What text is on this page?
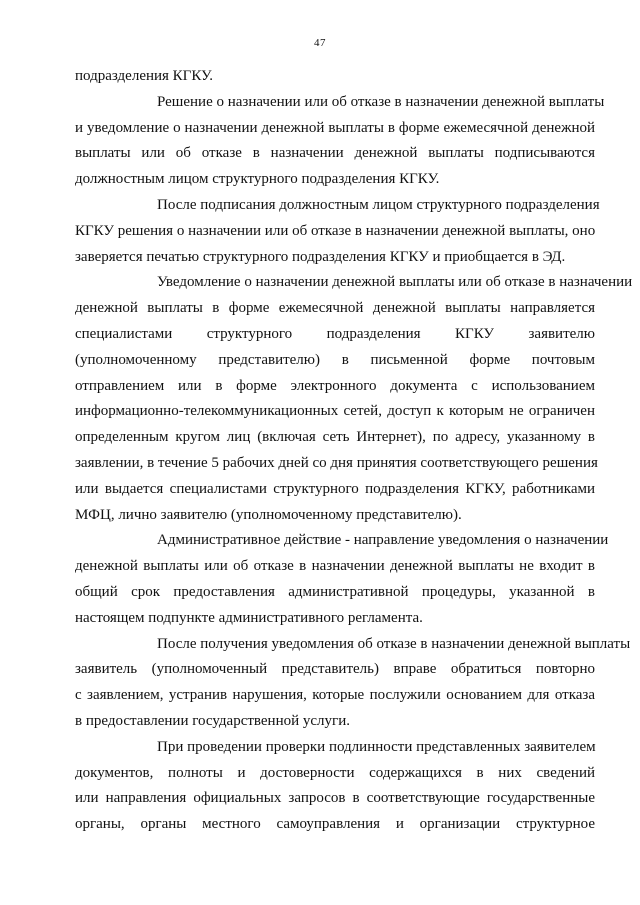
47
подразделения КГКУ.
Решение о назначении или об отказе в назначении денежной выплаты
и уведомление о назначении денежной выплаты в форме ежемесячной денежной
выплаты или об отказе в назначении денежной выплаты подписываются
должностным лицом структурного подразделения КГКУ.
После подписания должностным лицом структурного подразделения
КГКУ решения о назначении или об отказе в назначении денежной выплаты, оно
заверяется печатью структурного подразделения КГКУ и приобщается в ЭД.
Уведомление о назначении денежной выплаты или об отказе в назначении
денежной выплаты в форме ежемесячной денежной выплаты направляется
специалистами структурного подразделения КГКУ заявителю
(уполномоченному представителю) в письменной форме почтовым
отправлением или в форме электронного документа с использованием
информационно-телекоммуникационных сетей, доступ к которым не ограничен
определенным кругом лиц (включая сеть Интернет), по адресу, указанному в
заявлении, в течение 5 рабочих дней со дня принятия соответствующего решения
или выдается специалистами структурного подразделения КГКУ, работниками
МФЦ, лично заявителю (уполномоченному представителю).
Административное действие - направление уведомления о назначении
денежной выплаты или об отказе в назначении денежной выплаты не входит в
общий срок предоставления административной процедуры, указанной в
настоящем подпункте административного регламента.
После получения уведомления об отказе в назначении денежной выплаты
заявитель (уполномоченный представитель) вправе обратиться повторно
с заявлением, устранив нарушения, которые послужили основанием для отказа
в предоставлении государственной услуги.
При проведении проверки подлинности представленных заявителем
документов, полноты и достоверности содержащихся в них сведений
или направления официальных запросов в соответствующие государственные
органы, органы местного самоуправления и организации структурное
